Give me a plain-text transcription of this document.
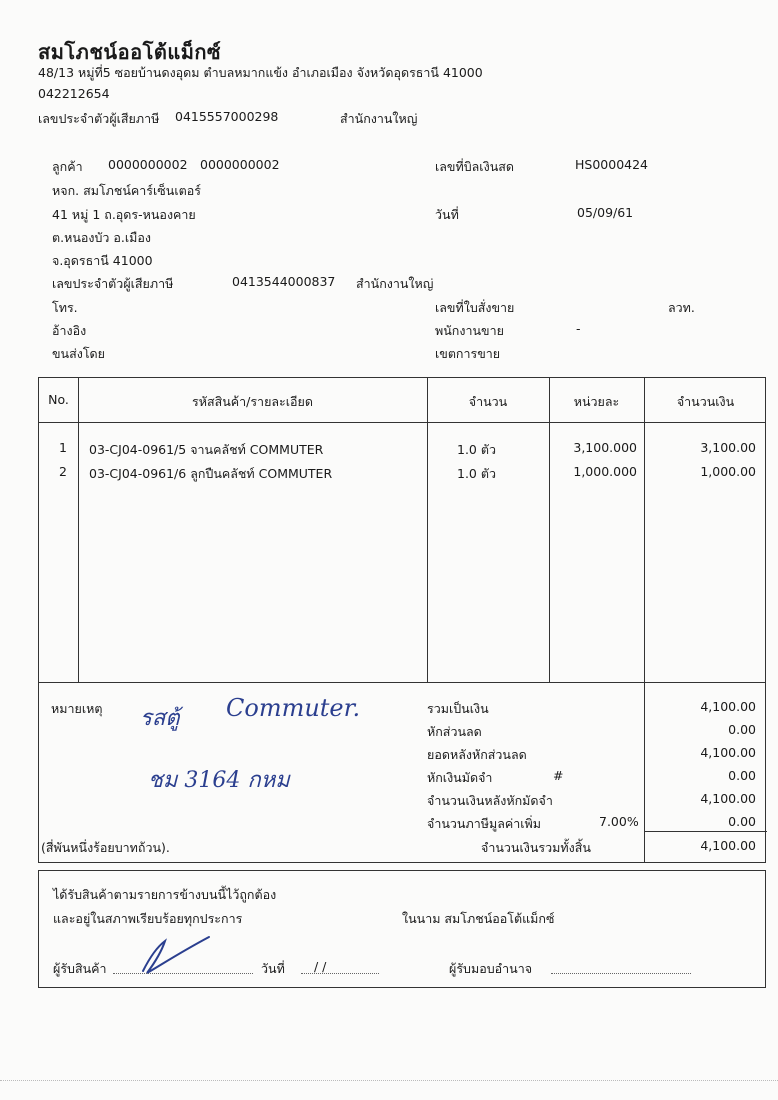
สมโภชน์ออโต้แม็กซ์
48/13 หมู่ที่5 ซอยบ้านดงอุดม ตำบลหมากแข้ง อำเภอเมือง จังหวัดอุดรธานี 41000
042212654
เลขประจำตัวผู้เสียภาษี 0415557000298	สำนักงานใหญ่
ลูกค้า 0000000002 0000000002
หจก. สมโภชน์คาร์เซ็นเตอร์
41 หมู่ 1 ถ.อุดร-หนองคาย
ต.หนองบัว อ.เมือง
จ.อุดรธานี 41000
เลขประจำตัวผู้เสียภาษี	0413544000837 สำนักงานใหญ่
โทร.
อ้างอิง
ขนส่งโดย
เลขที่บิลเงินสด	HS0000424
วันที่	05/09/61
เลขที่ใบสั่งขาย	ลวท.
พนักงานขาย	-
เขตการขาย
No.	รหัสสินค้า/รายละเอียด	จำนวน	หน่วยละ	จำนวนเงิน
1 03-CJ04-0961/5 จานคลัชท์ COMMUTER	1.0 ตัว	3,100.000	3,100.00
2 03-CJ04-0961/6 ลูกปืนคลัชท์ COMMUTER	1.0 ตัว	1,000.000	1,000.00
หมายเหตุ	รวมเป็นเงิน	4,100.00
หักส่วนลด	0.00
ยอดหลังหักส่วนลด	4,100.00
หักเงินมัดจำ	#	0.00
จำนวนเงินหลังหักมัดจำ	4,100.00
จำนวนภาษีมูลค่าเพิ่ม	7.00%	0.00
(สี่พันหนึ่งร้อยบาทถ้วน).	จำนวนเงินรวมทั้งสิ้น	4,100.00
รสตู้ Commuter.
ชม 3164 กหม
ได้รับสินค้าตามรายการข้างบนนี้ไว้ถูกต้อง
และอยู่ในสภาพเรียบร้อยทุกประการ	ในนาม สมโภชน์ออโต้แม็กซ์
ผู้รับสินค้า	วันที่ / /	ผู้รับมอบอำนาจ
